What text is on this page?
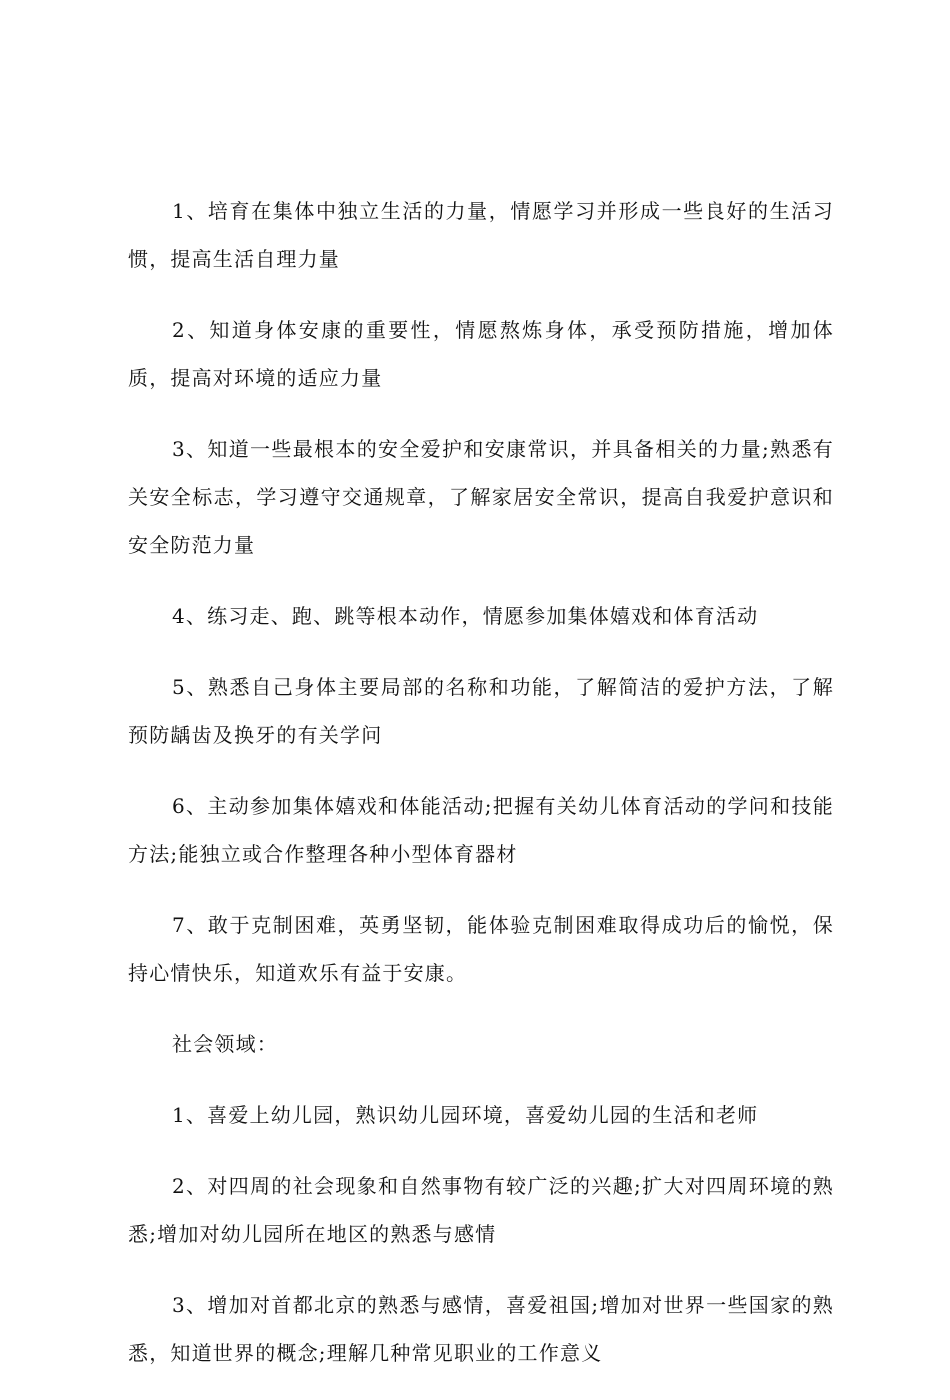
1、培育在集体中独立生活的力量，情愿学习并形成一些良好的生活习惯，提高生活自理力量

2、知道身体安康的重要性，情愿熬炼身体，承受预防措施，增加体质，提高对环境的适应力量

3、知道一些最根本的安全爱护和安康常识，并具备相关的力量;熟悉有关安全标志，学习遵守交通规章，了解家居安全常识，提高自我爱护意识和安全防范力量

4、练习走、跑、跳等根本动作，情愿参加集体嬉戏和体育活动

5、熟悉自己身体主要局部的名称和功能，了解简洁的爱护方法，了解预防龋齿及换牙的有关学问

6、主动参加集体嬉戏和体能活动;把握有关幼儿体育活动的学问和技能方法;能独立或合作整理各种小型体育器材

7、敢于克制困难，英勇坚韧，能体验克制困难取得成功后的愉悦，保持心情快乐，知道欢乐有益于安康。

社会领域：

1、喜爱上幼儿园，熟识幼儿园环境，喜爱幼儿园的生活和老师

2、对四周的社会现象和自然事物有较广泛的兴趣;扩大对四周环境的熟悉;增加对幼儿园所在地区的熟悉与感情

3、增加对首都北京的熟悉与感情，喜爱祖国;增加对世界一些国家的熟悉，知道世界的概念;理解几种常见职业的工作意义
